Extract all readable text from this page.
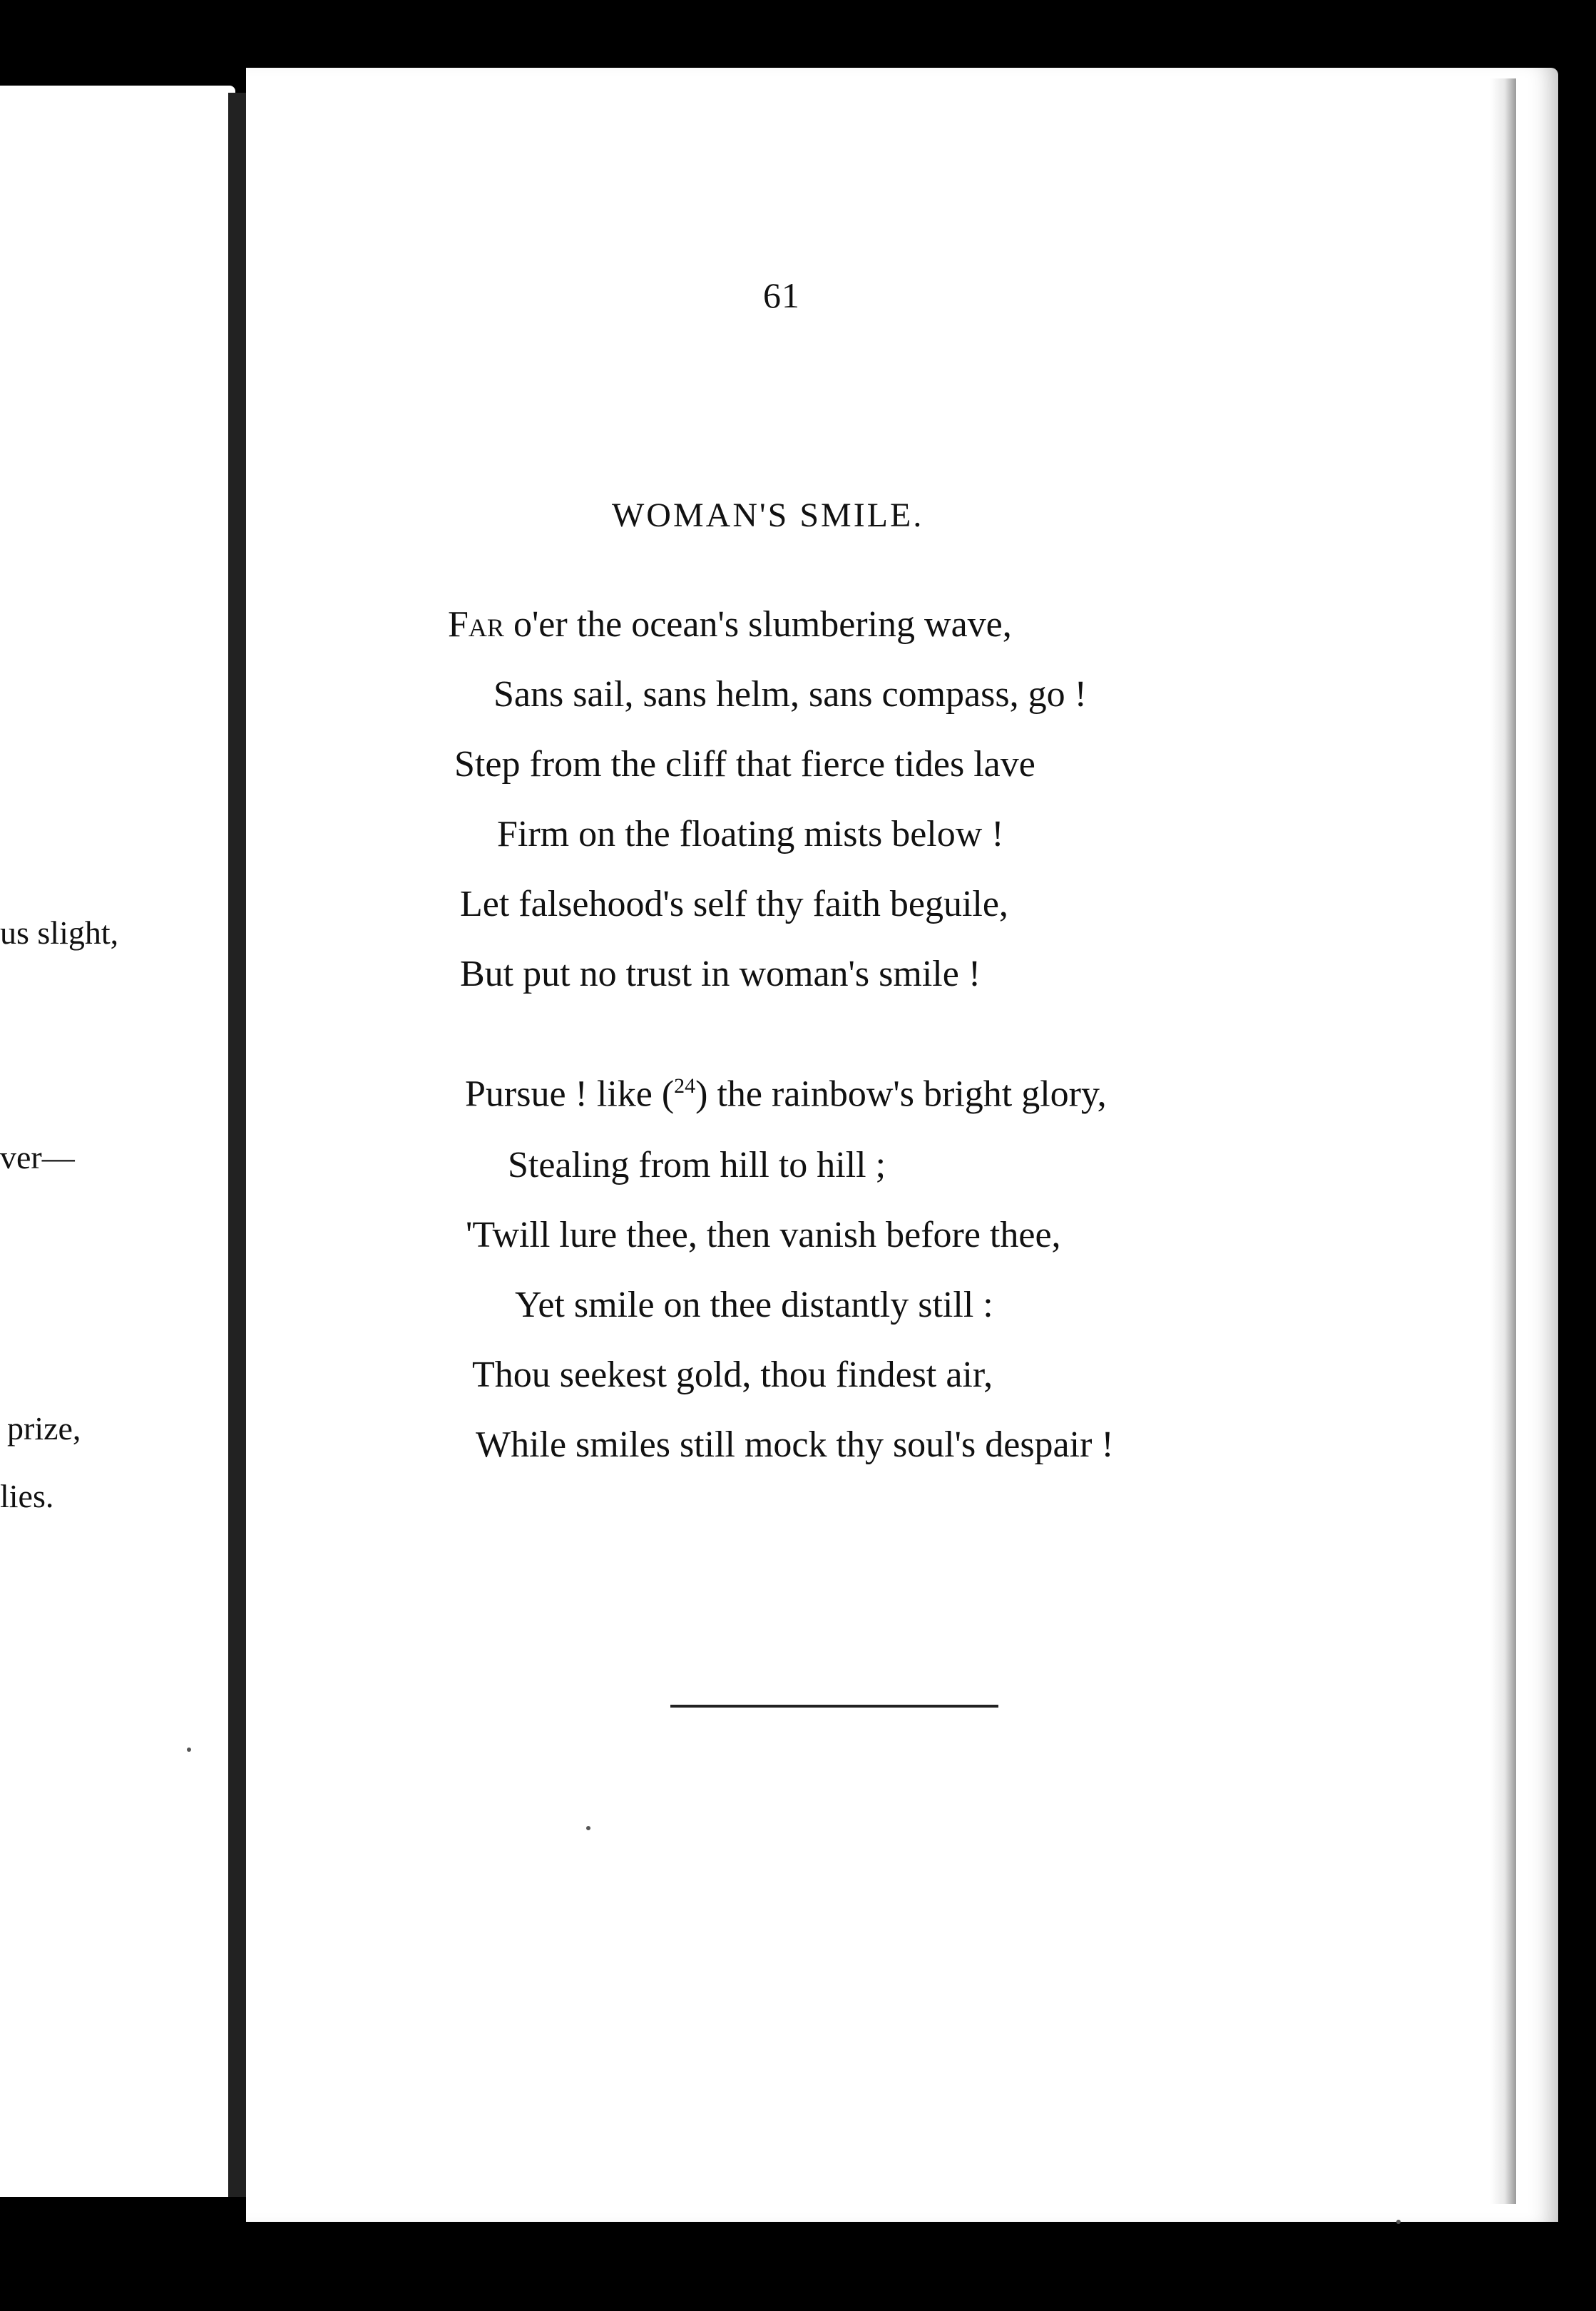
us slight,
ver—
prize,
lies.
61
WOMAN'S SMILE.
Far o'er the ocean's slumbering wave,
Sans sail, sans helm, sans compass, go !
Step from the cliff that fierce tides lave
Firm on the floating mists below !
Let falsehood's self thy faith beguile,
But put no trust in woman's smile !
Pursue ! like ($^{24}$) the rainbow's bright glory,
Stealing from hill to hill ;
'Twill lure thee, then vanish before thee,
Yet smile on thee distantly still :
Thou seekest gold, thou findest air,
While smiles still mock thy soul's despair !
